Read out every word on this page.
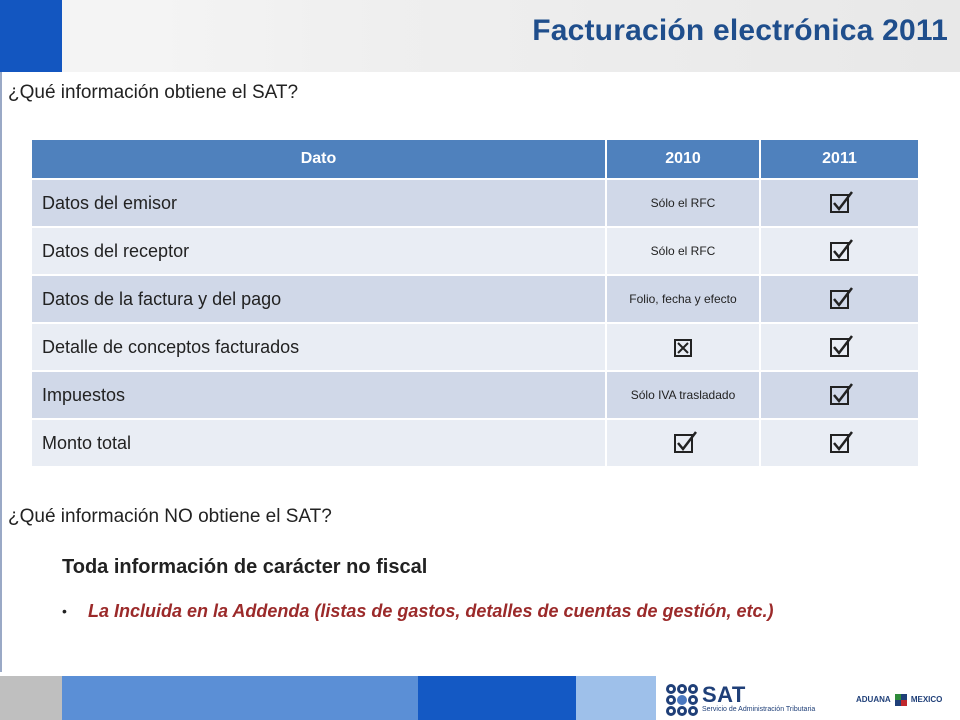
Facturación electrónica 2011
¿Qué información obtiene el SAT?
Dato	2010	2011
Datos del emisor	Sólo el RFC	

Datos del receptor	Sólo el RFC	

Datos de la factura y del pago	Folio, fecha y efecto	

Detalle de conceptos facturados	

Impuestos	Sólo IVA trasladado	

Monto total	

¿Qué información NO obtiene el SAT?
Toda información de carácter no fiscal
• La Incluida en la Addenda (listas de gastos, detalles de cuentas de gestión, etc.)
SAT
Servicio de Administración Tributaria
ADUANA	MEXICO
